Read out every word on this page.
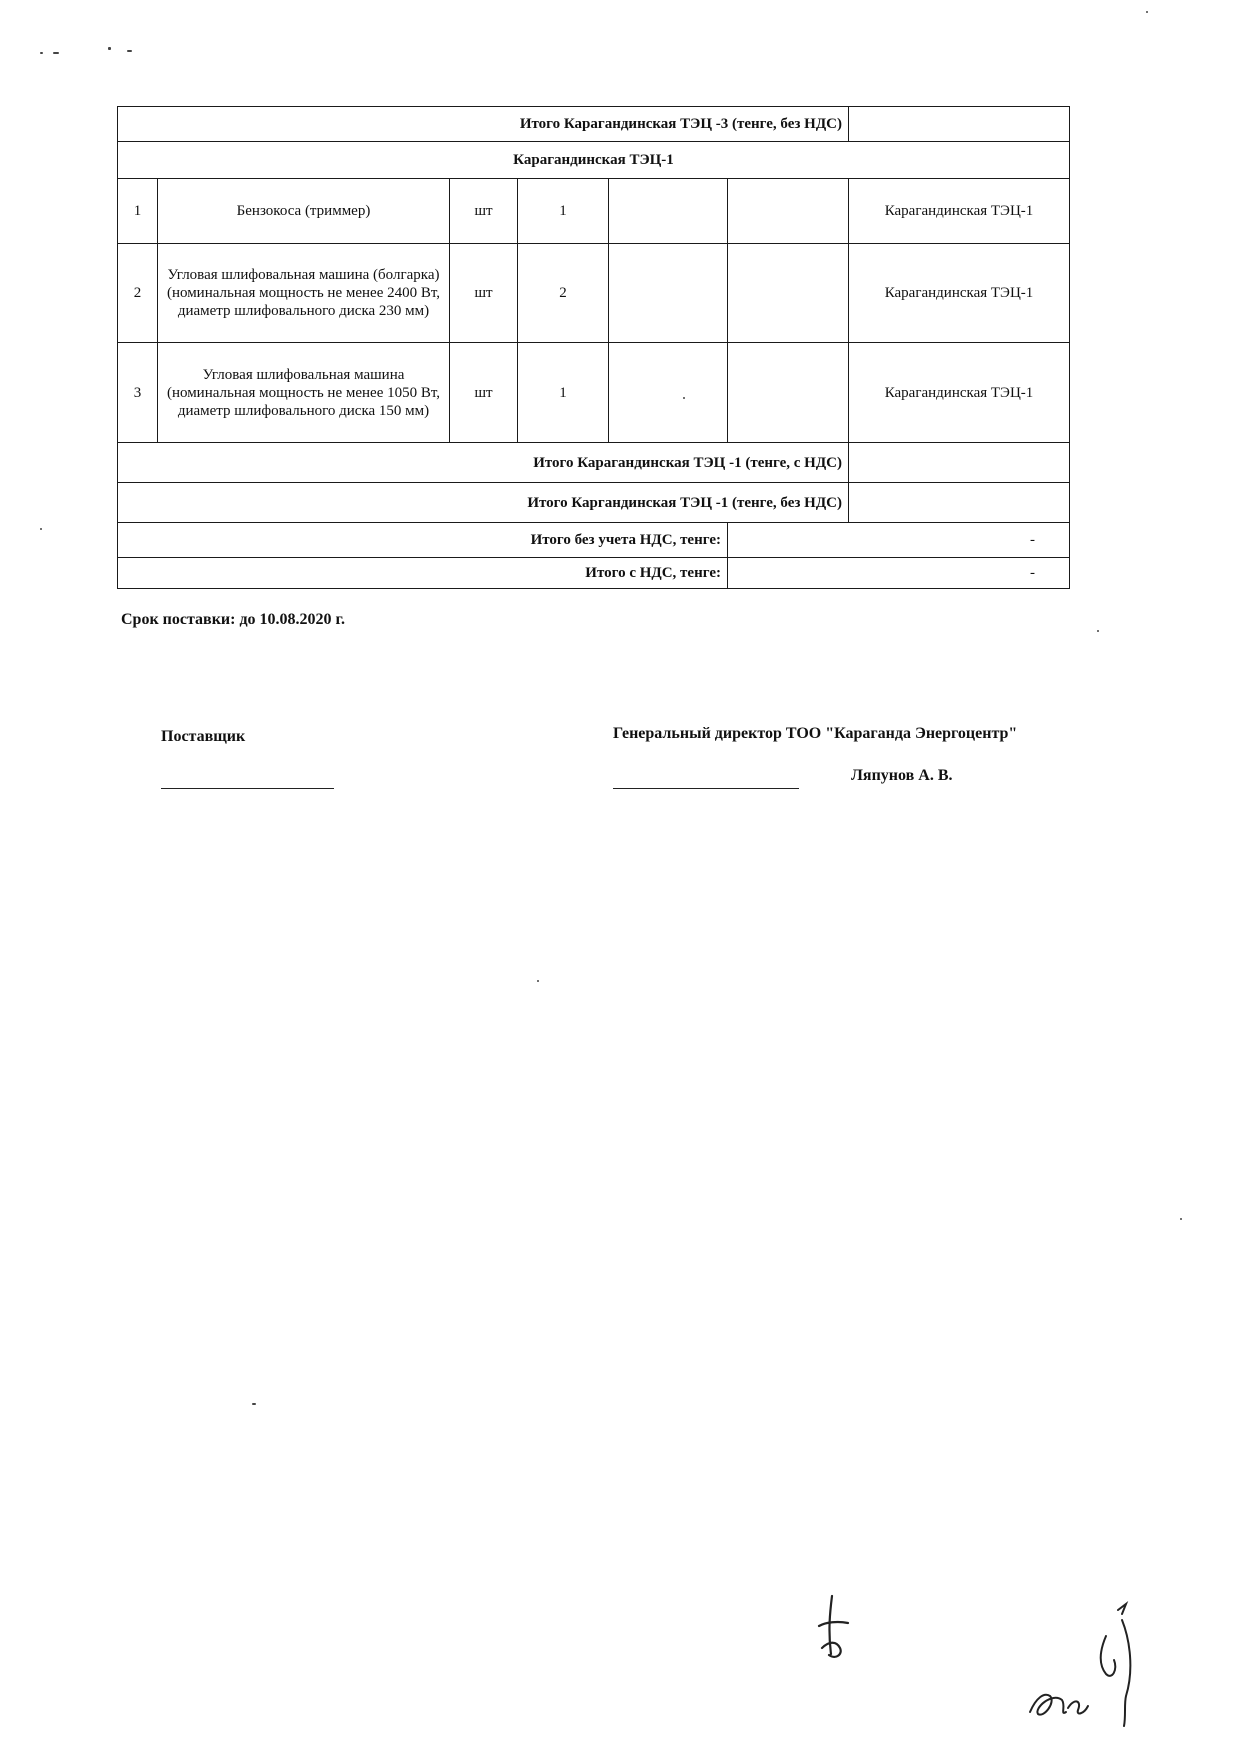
Итого Карагандинская ТЭЦ -3 (тенге, без НДС)						
Карагандинская ТЭЦ-1						
1	Бензокоса (триммер)	шт	1			Карагандинская ТЭЦ-1
2	Угловая шлифовальная машина (болгарка) (номинальная мощность не менее 2400 Вт, диаметр шлифовального диска 230 мм)	шт	2			Карагандинская ТЭЦ-1
3	Угловая шлифовальная машина (номинальная мощность не менее 1050 Вт, диаметр шлифовального диска 150 мм)	шт	1			Карагандинская ТЭЦ-1
Итого Карагандинская ТЭЦ -1 (тенге, с НДС)						
Итого Каргандинская ТЭЦ -1 (тенге, без НДС)						
Итого без учета НДС, тенге:					-	
Итого с НДС, тенге:					-	
Срок поставки: до 10.08.2020 г.
Поставщик	Генеральный директор ТОО "Караганда Энергоцентр"
Ляпунов А. В.
